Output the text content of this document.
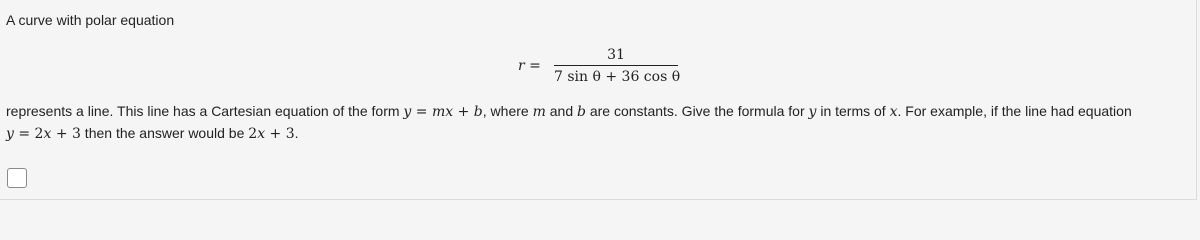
A curve with polar equation
r =
31
7 sin θ + 36 cos θ
represents a line. This line has a Cartesian equation of the form y = mx + b, where m and b are constants. Give the formula for y in terms of x. For example, if the line had equation
y = 2x + 3 then the answer would be 2x + 3.
